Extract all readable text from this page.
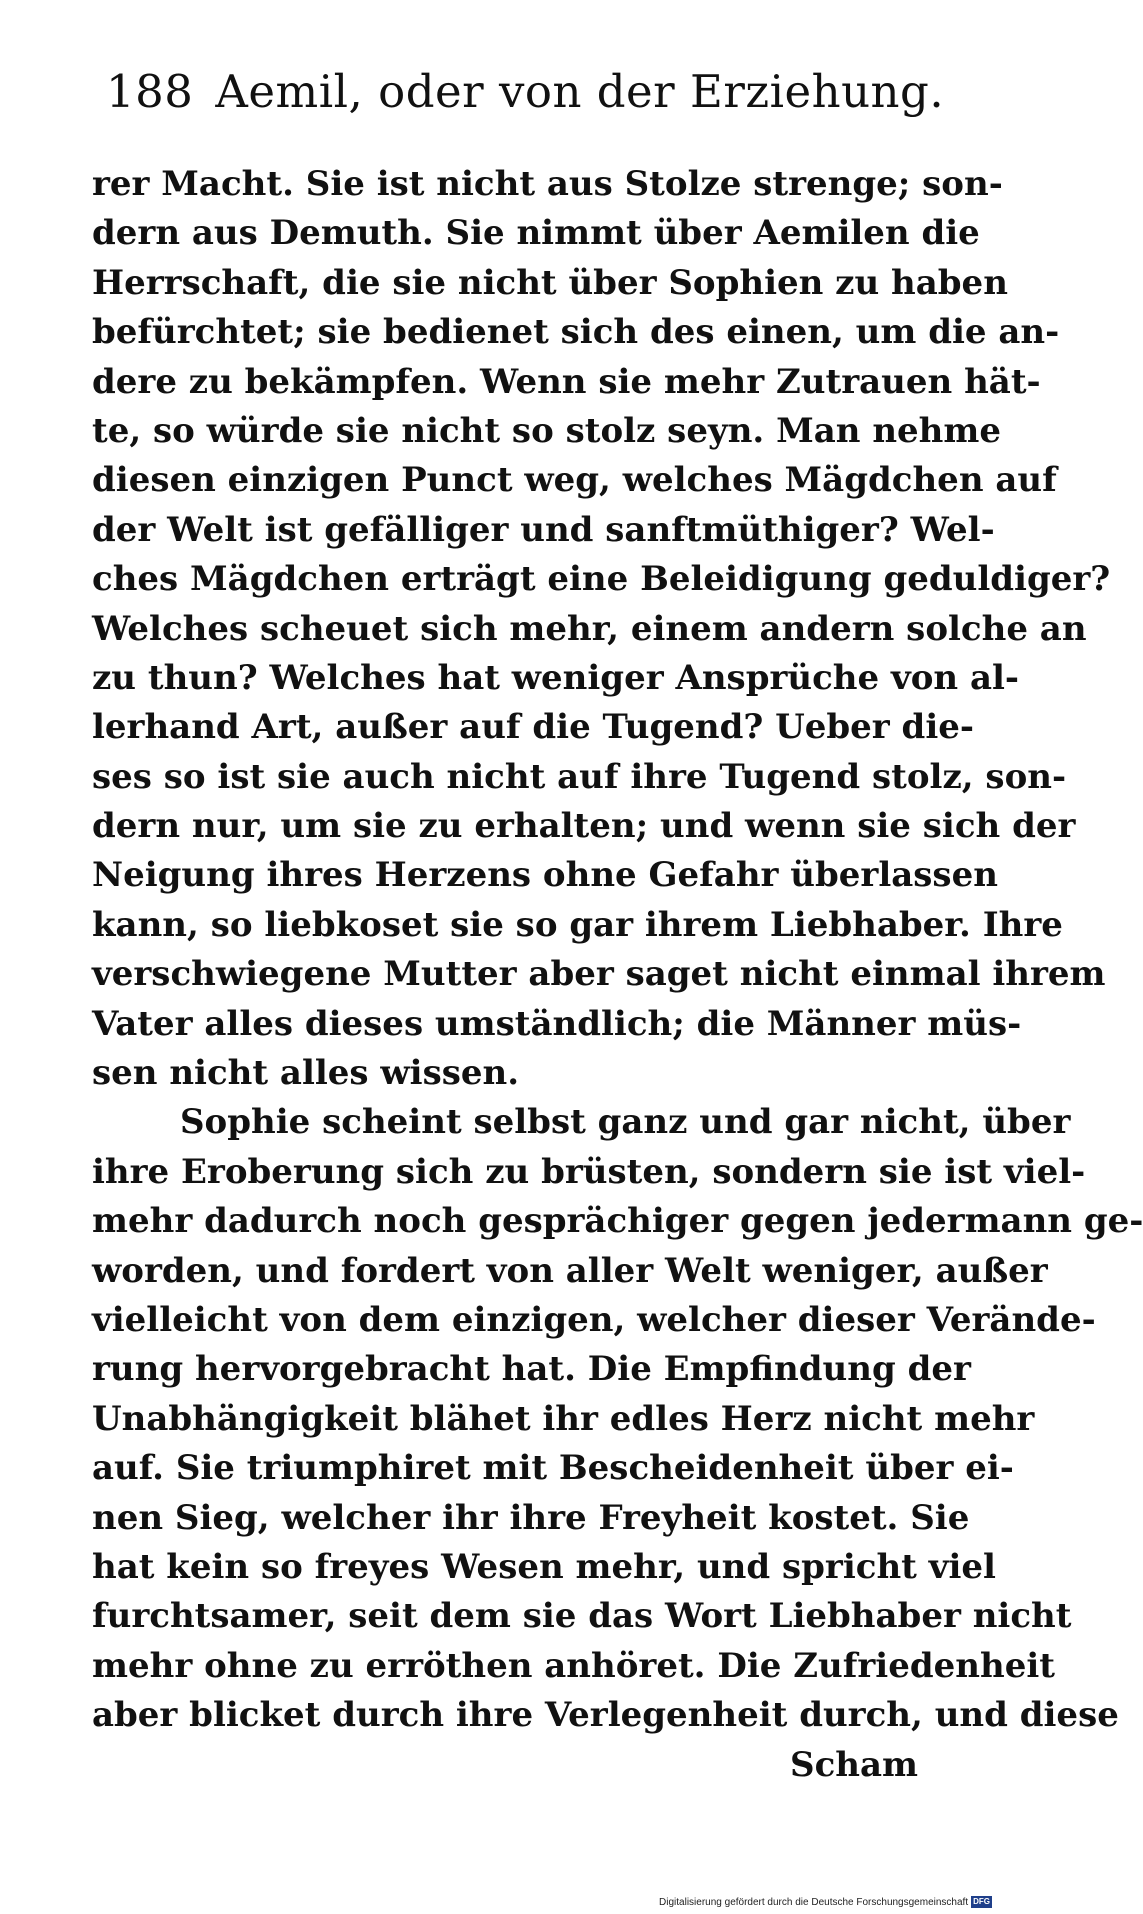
188 Aemil, oder von der Erziehung.
rer Macht. Sie ist nicht aus Stolze strenge; son-
dern aus Demuth. Sie nimmt über Aemilen die
Herrschaft, die sie nicht über Sophien zu haben
befürchtet; sie bedienet sich des einen, um die an-
dere zu bekämpfen. Wenn sie mehr Zutrauen hät-
te, so würde sie nicht so stolz seyn. Man nehme
diesen einzigen Punct weg, welches Mägdchen auf
der Welt ist gefälliger und sanftmüthiger? Wel-
ches Mägdchen erträgt eine Beleidigung geduldiger?
Welches scheuet sich mehr, einem andern solche an
zu thun? Welches hat weniger Ansprüche von al-
lerhand Art, außer auf die Tugend? Ueber die-
ses so ist sie auch nicht auf ihre Tugend stolz, son-
dern nur, um sie zu erhalten; und wenn sie sich der
Neigung ihres Herzens ohne Gefahr überlassen
kann, so liebkoset sie so gar ihrem Liebhaber. Ihre
verschwiegene Mutter aber saget nicht einmal ihrem
Vater alles dieses umständlich; die Männer müs-
sen nicht alles wissen.
Sophie scheint selbst ganz und gar nicht, über
ihre Eroberung sich zu brüsten, sondern sie ist viel-
mehr dadurch noch gesprächiger gegen jedermann ge-
worden, und fordert von aller Welt weniger, außer
vielleicht von dem einzigen, welcher dieser Verände-
rung hervorgebracht hat. Die Empfindung der
Unabhängigkeit blähet ihr edles Herz nicht mehr
auf. Sie triumphiret mit Bescheidenheit über ei-
nen Sieg, welcher ihr ihre Freyheit kostet. Sie
hat kein so freyes Wesen mehr, und spricht viel
furchtsamer, seit dem sie das Wort Liebhaber nicht
mehr ohne zu erröthen anhöret. Die Zufriedenheit
aber blicket durch ihre Verlegenheit durch, und diese
Scham
Digitalisierung gefördert durch die Deutsche Forschungsgemeinschaft DFG
